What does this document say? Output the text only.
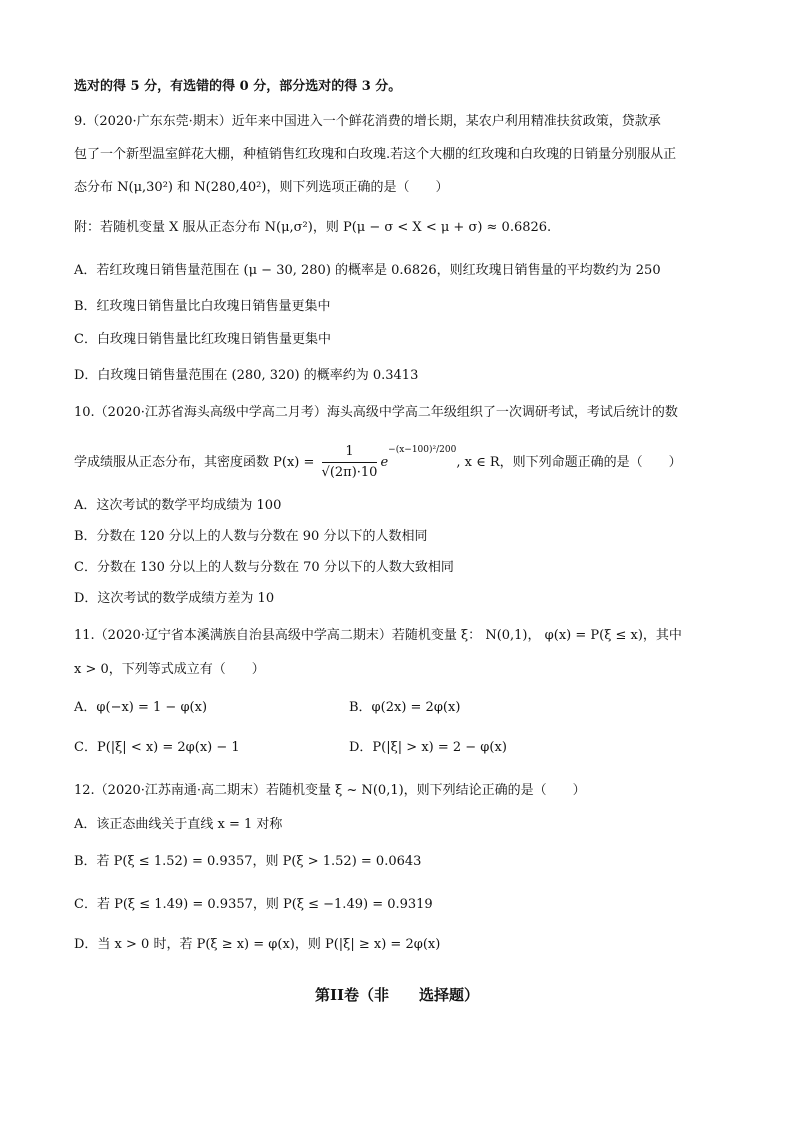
选对的得 5 分，有选错的得 0 分，部分选对的得 3 分。
9.（2020·广东东莞·期末）近年来中国进入一个鲜花消费的增长期，某农户利用精准扶贫政策，贷款承
包了一个新型温室鲜花大棚，种植销售红玫瑰和白玫瑰.若这个大棚的红玫瑰和白玫瑰的日销量分别服从正
态分布 N(μ,30²) 和 N(280,40²)，则下列选项正确的是（　　）
附：若随机变量 X 服从正态分布 N(μ,σ²)，则 P(μ − σ < X < μ + σ) ≈ 0.6826.
A．若红玫瑰日销售量范围在 (μ − 30, 280) 的概率是 0.6826，则红玫瑰日销售量的平均数约为 250
B．红玫瑰日销售量比白玫瑰日销售量更集中
C．白玫瑰日销售量比红玫瑰日销售量更集中
D．白玫瑰日销售量范围在 (280, 320) 的概率约为 0.3413
10.（2020·江苏省海头高级中学高二月考）海头高级中学高二年级组织了一次调研考试，考试后统计的数
学成绩服从正态分布，其密度函数 $P(x) = \frac{1}{√(2\pi)\cdot 10} e^{-(x-100)^2/200}$, x ∈ R，则下列命题正确的是（　　）
A．这次考试的数学平均成绩为 100
B．分数在 120 分以上的人数与分数在 90 分以下的人数相同
C．分数在 130 分以上的人数与分数在 70 分以下的人数大致相同
D．这次考试的数学成绩方差为 10
11.（2020·辽宁省本溪满族自治县高级中学高二期末）若随机变量 ξ： N(0,1)， φ(x) = P(ξ ≤ x)，其中
x > 0，下列等式成立有（　　）
A．φ(−x) = 1 − φ(x)	B．φ(2x) = 2φ(x)
C．P(|ξ| < x) = 2φ(x) − 1	D．P(|ξ| > x) = 2 − φ(x)
12.（2020·江苏南通·高二期末）若随机变量 ξ ~ N(0,1)，则下列结论正确的是（　　）
A．该正态曲线关于直线 x = 1 对称
B．若 P(ξ ≤ 1.52) = 0.9357，则 P(ξ > 1.52) = 0.0643
C．若 P(ξ ≤ 1.49) = 0.9357，则 P(ξ ≤ −1.49) = 0.9319
D．当 x > 0 时，若 P(ξ ≥ x) = φ(x)，则 P(|ξ| ≥ x) = 2φ(x)
第II卷（非　　选择题）
